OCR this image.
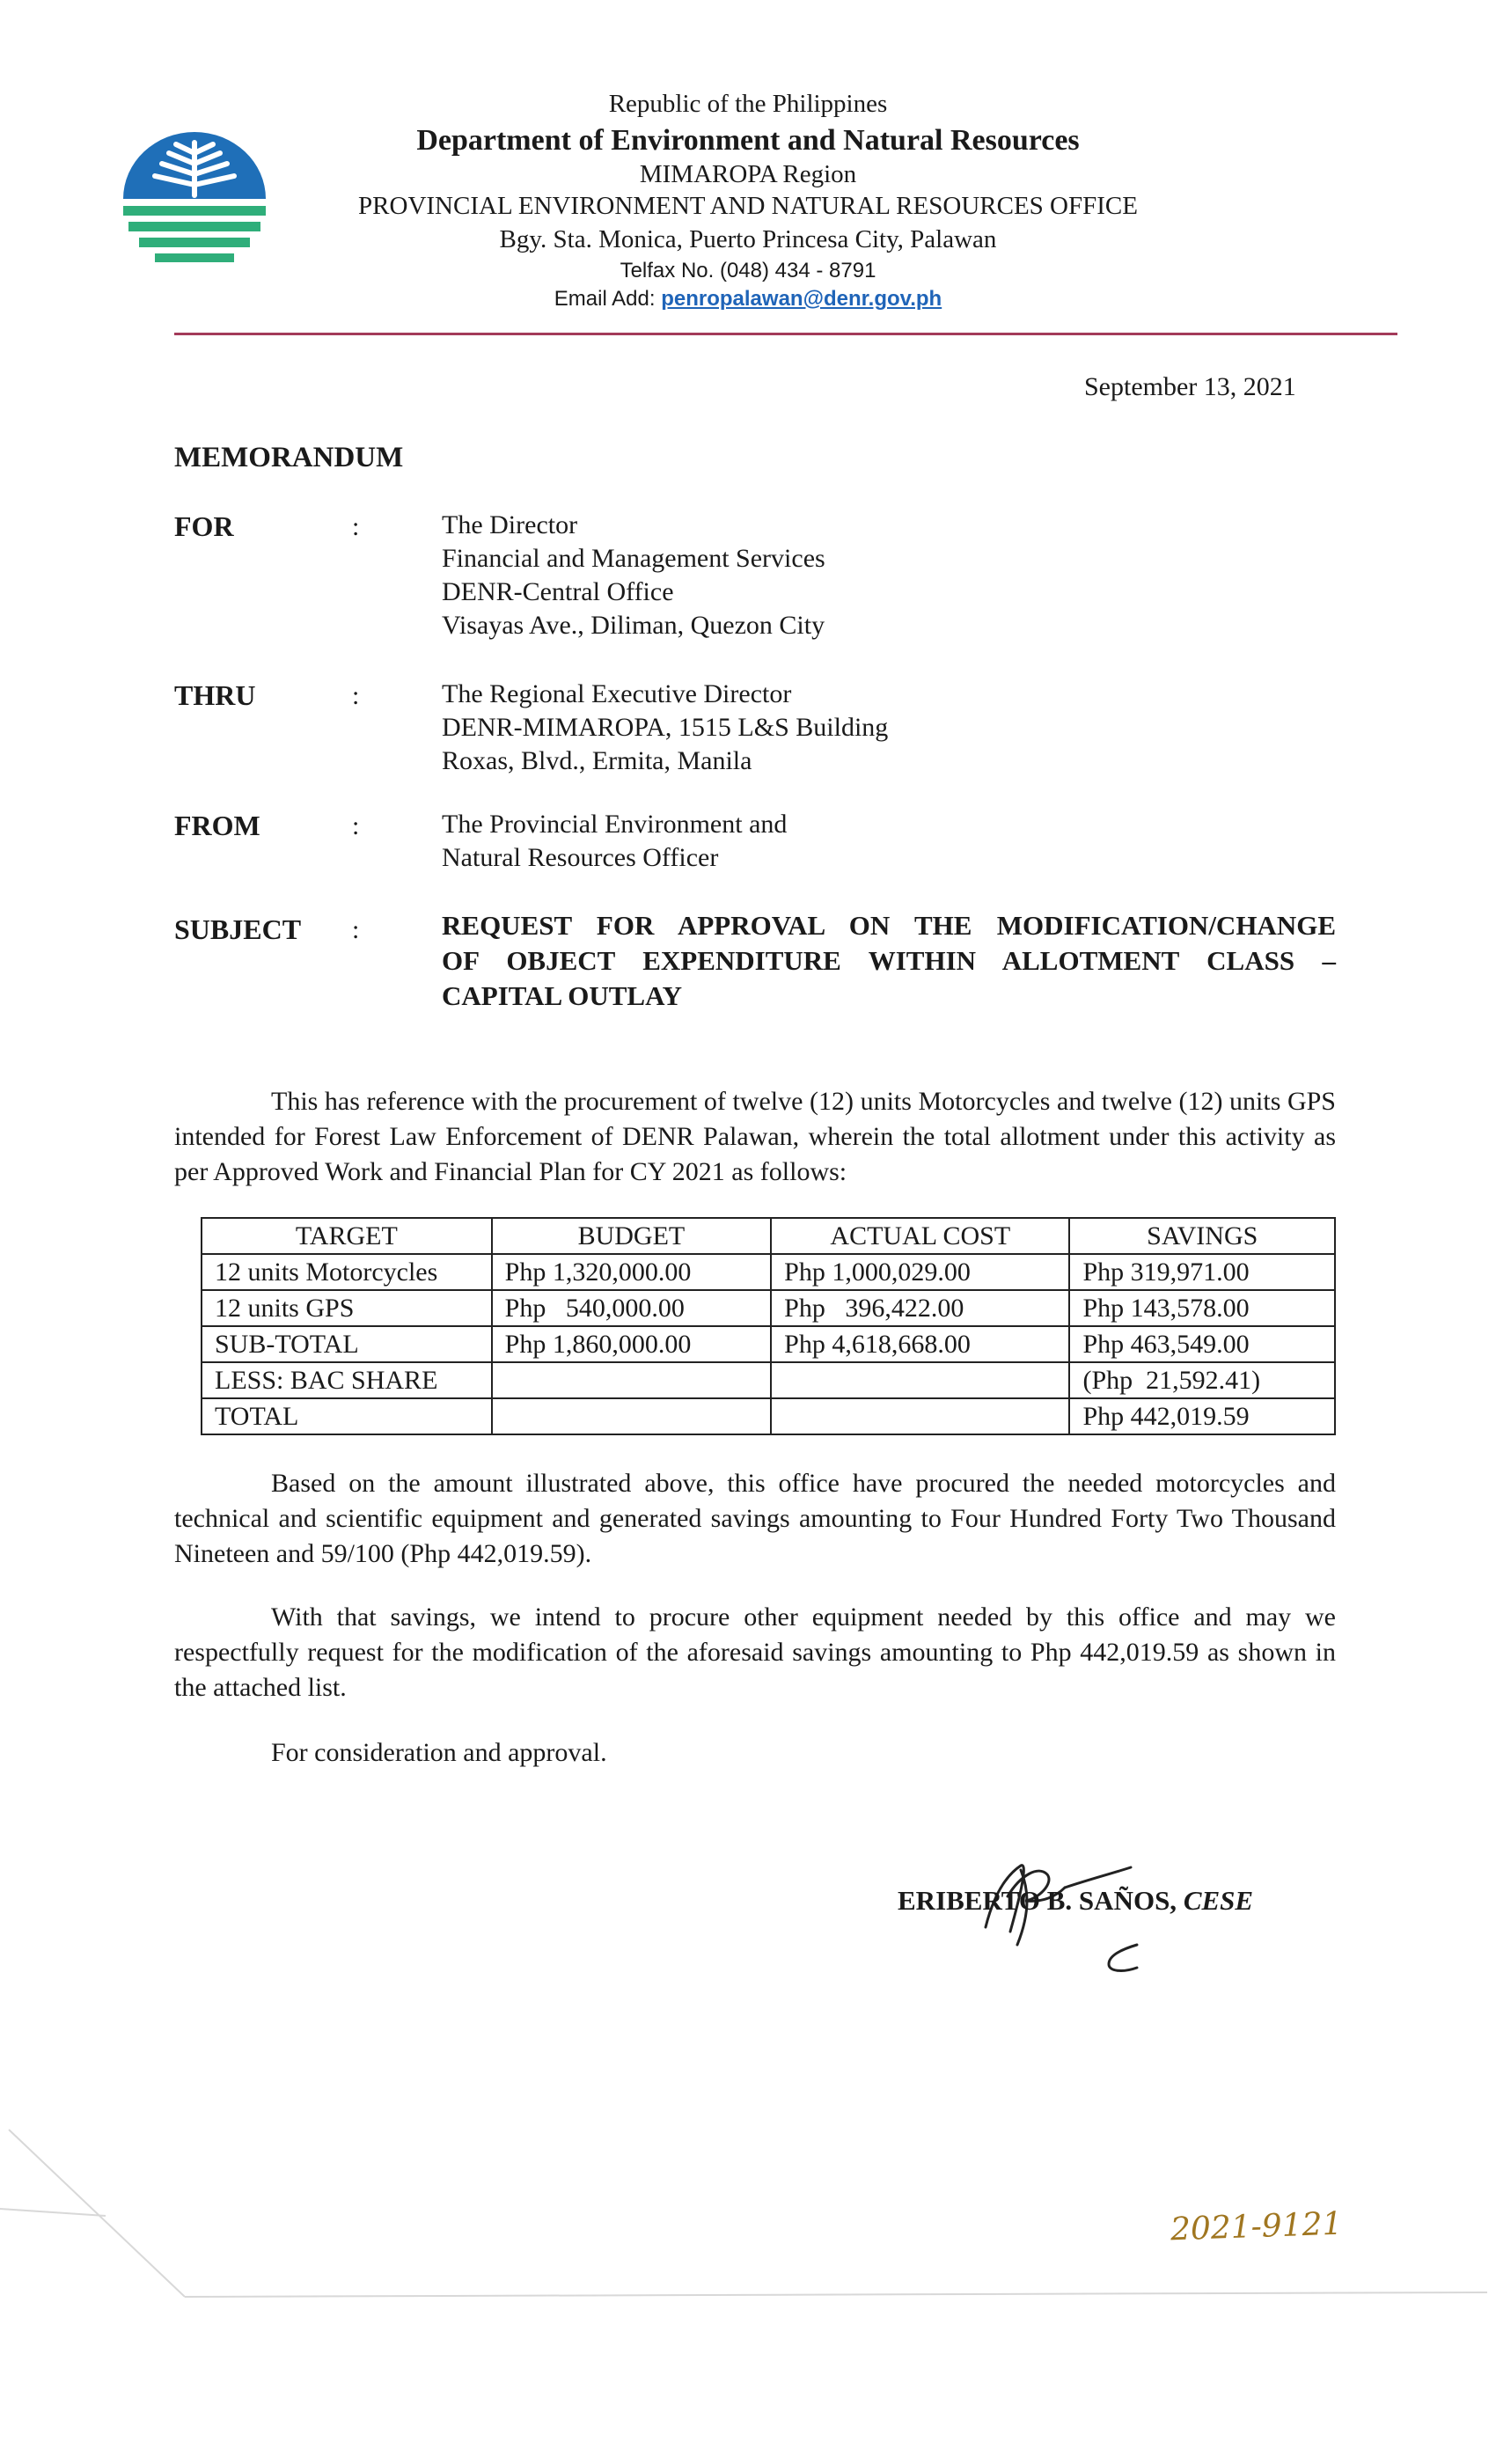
Republic of the Philippines
Department of Environment and Natural Resources
MIMAROPA Region
PROVINCIAL ENVIRONMENT AND NATURAL RESOURCES OFFICE
Bgy. Sta. Monica, Puerto Princesa City, Palawan
Telfax No. (048) 434 - 8791
Email Add: penropalawan@denr.gov.ph
September 13, 2021
MEMORANDUM
FOR	:	The Director
Financial and Management Services
DENR-Central Office
Visayas Ave., Diliman, Quezon City
THRU	:	The Regional Executive Director
DENR-MIMAROPA, 1515 L&S Building
Roxas, Blvd., Ermita, Manila
FROM	:	The Provincial Environment and
Natural Resources Officer
SUBJECT :	REQUEST FOR APPROVAL ON THE MODIFICATION/CHANGE
OF OBJECT EXPENDITURE WITHIN ALLOTMENT CLASS –
CAPITAL OUTLAY
This has reference with the procurement of twelve (12) units Motorcycles and twelve (12) units GPS intended for Forest Law Enforcement of DENR Palawan, wherein the total allotment under this activity as per Approved Work and Financial Plan for CY 2021 as follows:
TARGET	BUDGET	ACTUAL COST	SAVINGS
12 units Motorcycles	Php 1,320,000.00	Php 1,000,029.00	Php 319,971.00
12 units GPS	Php   540,000.00	Php   396,422.00	Php 143,578.00
SUB-TOTAL	Php 1,860,000.00	Php 4,618,668.00	Php 463,549.00
LESS: BAC SHARE			(Php  21,592.41)
TOTAL			Php 442,019.59
Based on the amount illustrated above, this office have procured the needed motorcycles and technical and scientific equipment and generated savings amounting to Four Hundred Forty Two Thousand Nineteen and 59/100 (Php 442,019.59).
With that savings, we intend to procure other equipment needed by this office and may we respectfully request for the modification of the aforesaid savings amounting to Php 442,019.59 as shown in the attached list.
For consideration and approval.
ERIBERTO B. SAÑOS, CESE
2021-9121
